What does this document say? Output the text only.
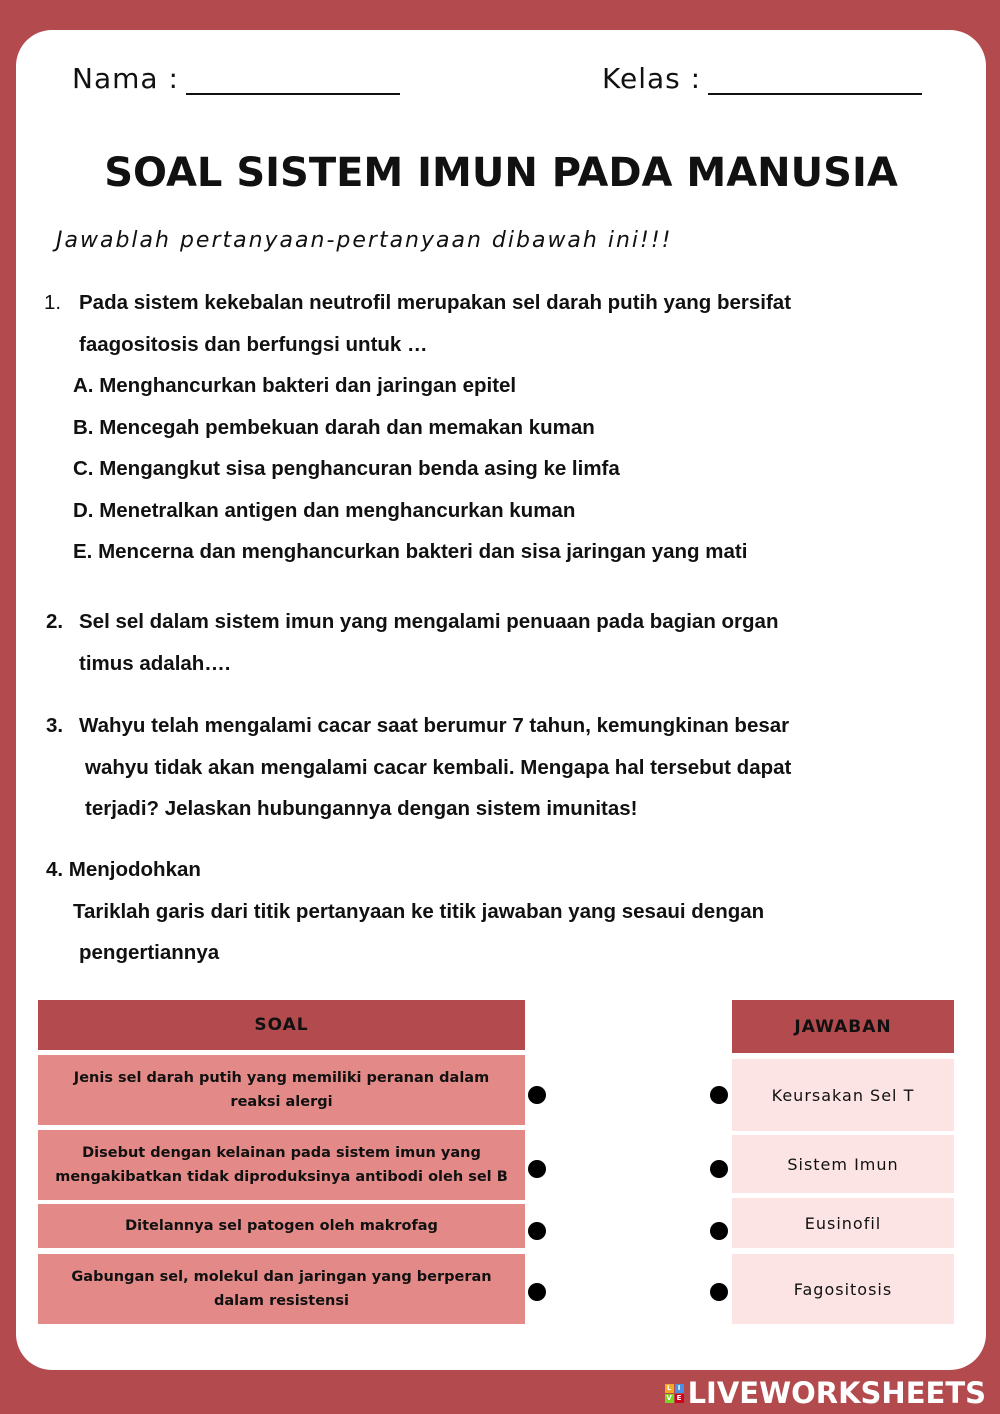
Nama :	Kelas :
SOAL SISTEM IMUN PADA MANUSIA
Jawablah pertanyaan-pertanyaan dibawah ini!!!
1. Pada sistem kekebalan neutrofil merupakan sel darah putih yang bersifat
faagositosis dan berfungsi untuk …
A. Menghancurkan bakteri dan jaringan epitel
B. Mencegah pembekuan darah dan memakan kuman
C. Mengangkut sisa penghancuran benda asing ke limfa
D. Menetralkan antigen dan menghancurkan kuman
E. Mencerna dan menghancurkan bakteri dan sisa jaringan yang mati
2. Sel sel dalam sistem imun yang mengalami penuaan pada bagian organ
timus adalah….
3. Wahyu telah mengalami cacar saat berumur 7 tahun, kemungkinan besar
wahyu tidak akan mengalami cacar kembali. Mengapa hal tersebut dapat
terjadi? Jelaskan hubungannya dengan sistem imunitas!
4. Menjodohkan
Tariklah garis dari titik pertanyaan ke titik jawaban yang sesaui dengan
pengertiannya
SOAL	JAWABAN
Jenis sel darah putih yang memiliki peranan dalam
reaksi alergi
Disebut dengan kelainan pada sistem imun yang
mengakibatkan tidak diproduksinya antibodi oleh sel B
Ditelannya sel patogen oleh makrofag
Gabungan sel, molekul dan jaringan yang berperan
dalam resistensi
Keursakan Sel T
Sistem Imun
Eusinofil
Fagositosis
L I
V E LIVEWORKSHEETS
